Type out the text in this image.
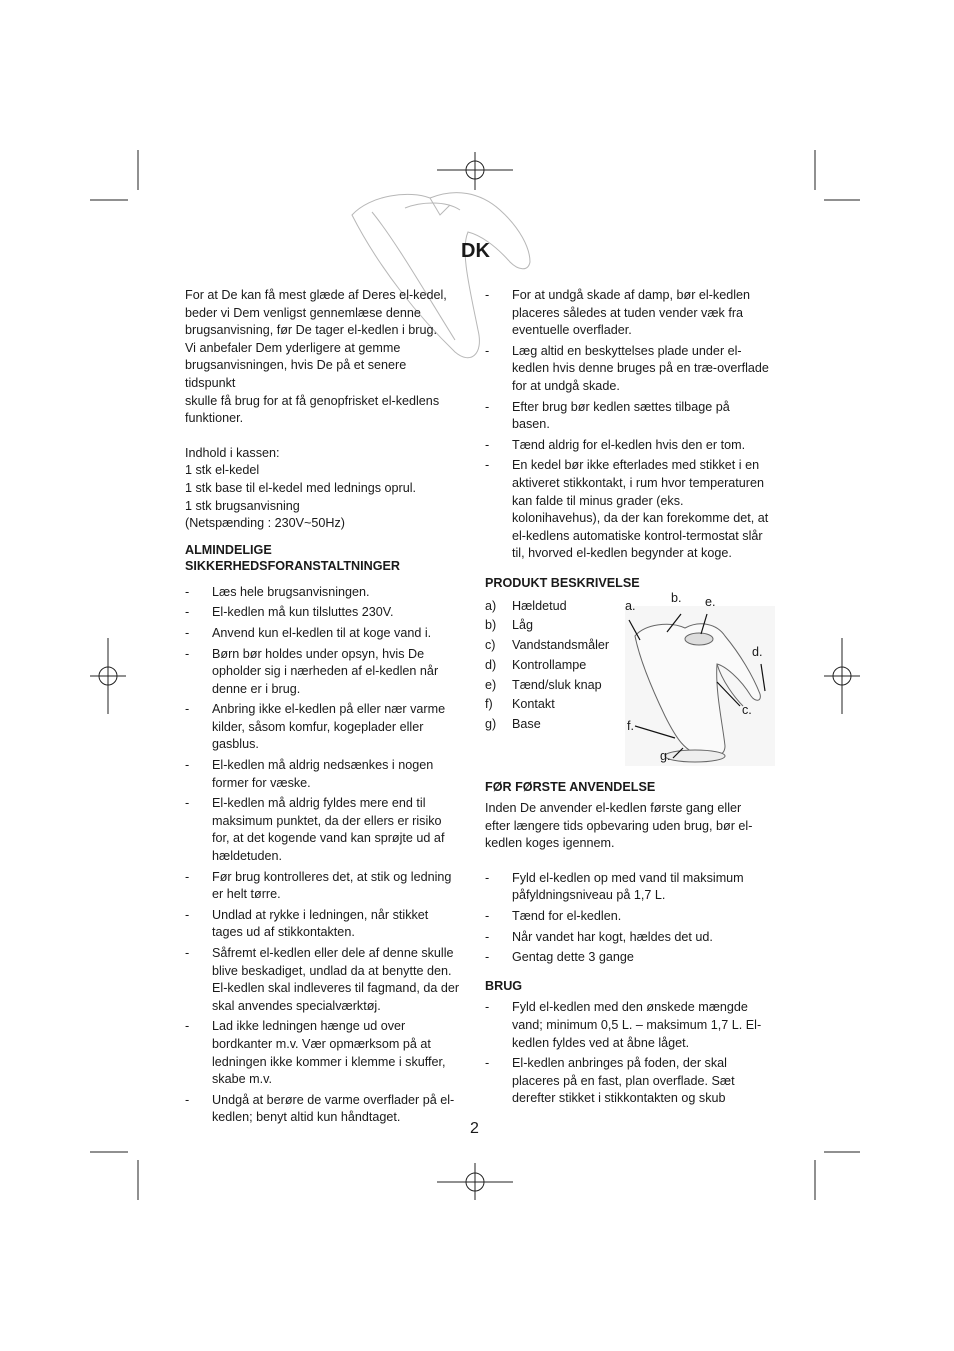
DK

For at De kan få mest glæde af Deres el-kedel,

beder vi Dem venligst gennemlæse denne

brugsanvisning, før De tager el-kedlen i brug.

Vi anbefaler Dem yderligere at gemme

brugsanvisningen, hvis De på et senere tidspunkt

skulle få brug for at få genopfrisket el-kedlens

funktioner.

Indhold i kassen:

1 stk el-kedel

1 stk base til el-kedel med lednings oprul.

1 stk brugsanvisning

(Netspænding : 230V~50Hz)

ALMINDELIGE
SIKKERHEDSFORANSTALTNINGER

- Læs hele brugsanvisningen.
- El-kedlen må kun tilsluttes 230V.
- Anvend kun el-kedlen til at koge vand i.
- Børn bør holdes under opsyn, hvis De opholder sig i nærheden af el-kedlen når denne er i brug.
- Anbring ikke el-kedlen på eller nær varme kilder, såsom komfur, kogeplader eller gasblus.
- El-kedlen må aldrig nedsænkes i nogen former for væske.
- El-kedlen må aldrig fyldes mere end til maksimum punktet, da der ellers er risiko for, at det kogende vand kan sprøjte ud af hældetuden.
- Før brug kontrolleres det, at stik og ledning er helt tørre.
- Undlad at rykke i ledningen, når stikket tages ud af stikkontakten.
- Såfremt el-kedlen eller dele af denne skulle blive beskadiget, undlad da at benytte den. El-kedlen skal indleveres til fagmand, da der skal anvendes specialværktøj.
- Lad ikke ledningen hænge ud over bordkanter m.v. Vær opmærksom på at ledningen ikke kommer i klemme i skuffer, skabe m.v.
- Undgå at berøre de varme overflader på el-kedlen; benyt altid kun håndtaget.
- For at undgå skade af damp, bør el-kedlen placeres således at tuden vender væk fra eventuelle overflader.
- Læg altid en beskyttelses plade under el-kedlen hvis denne bruges på en træ-overflade for at undgå skade.
- Efter brug bør kedlen sættes tilbage på basen.
- Tænd aldrig for el-kedlen hvis den er tom.
- En kedel bør ikke efterlades med stikket i en aktiveret stikkontakt, i rum hvor temperaturen kan falde til minus grader (eks. kolonihavehus), da der kan forekomme det, at el-kedlens automatiske kontrol-termostat slår til, hvorved el-kedlen begynder at koge.

PRODUKT BESKRIVELSE

a)	Hældetud
b)	Låg
c)	Vandstandsmåler
d)	Kontrollampe
e)	Tænd/sluk knap
f)	Kontakt
g)	Base
a.
b. e.
d.
c.
f.
g.

FØR FØRSTE ANVENDELSE

Inden De anvender el-kedlen første gang eller efter længere tids opbevaring uden brug, bør el-kedlen koges igennem.

- Fyld el-kedlen op med vand til maksimum påfyldningsniveau på 1,7 L.
- Tænd for el-kedlen.
- Når vandet har kogt, hældes det ud.
- Gentag dette 3 gange

BRUG

- Fyld el-kedlen med den ønskede mængde vand; minimum 0,5 L. – maksimum 1,7 L. El-kedlen fyldes ved at åbne låget.
- El-kedlen anbringes på foden, der skal placeres på en fast, plan overflade. Sæt derefter stikket i stikkontakten og skub
2
